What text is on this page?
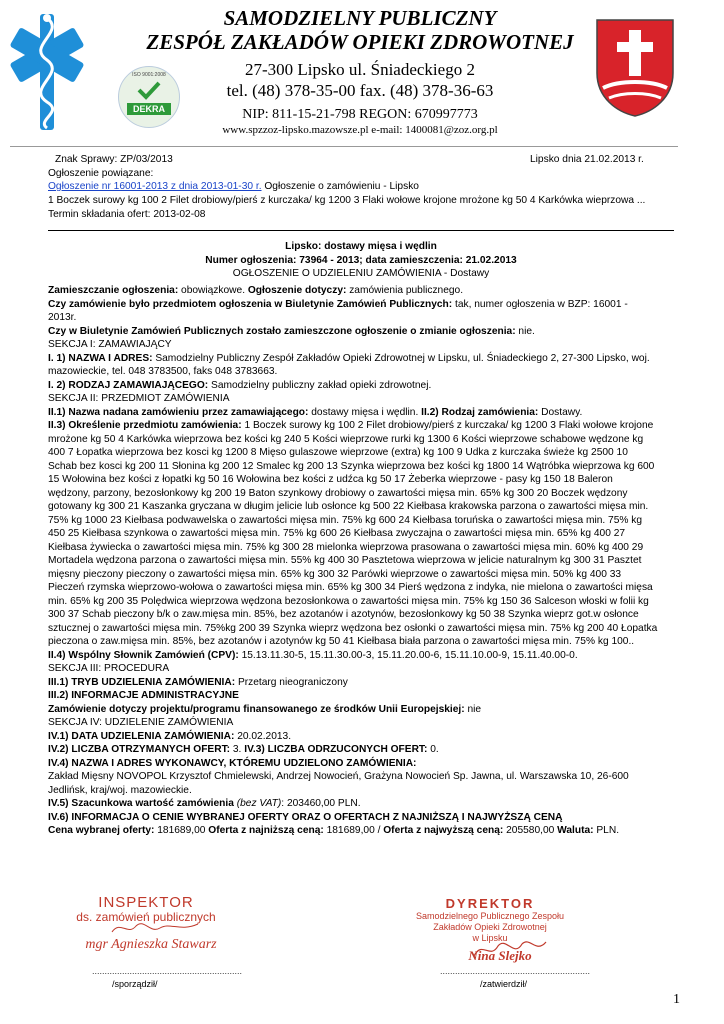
ISO 9001:2008
DEKRA
SAMODZIELNY PUBLICZNY
ZESPÓŁ ZAKŁADÓW OPIEKI ZDROWOTNEJ
27-300 Lipsko ul. Śniadeckiego 2
tel. (48) 378-35-00 fax. (48) 378-36-63
NIP: 811-15-21-798 REGON: 670997773
www.spzzoz-lipsko.mazowsze.pl e-mail: 1400081@zoz.org.pl
Znak Sprawy: ZP/03/2013	Lipsko dnia 21.02.2013 r.
Ogłoszenie powiązane:
Ogłoszenie nr 16001-2013 z dnia 2013-01-30 r. Ogłoszenie o zamówieniu - Lipsko
1 Boczek surowy kg 100 2 Filet drobiowy/pierś z kurczaka/ kg 1200 3 Flaki wołowe krojone mrożone kg 50 4 Karkówka wieprzowa ...
Termin składania ofert: 2013-02-08
Lipsko: dostawy mięsa i wędlin
Numer ogłoszenia: 73964 - 2013; data zamieszczenia: 21.02.2013
OGŁOSZENIE O UDZIELENIU ZAMÓWIENIA - Dostawy
Zamieszczanie ogłoszenia: obowiązkowe. Ogłoszenie dotyczy: zamówienia publicznego.
Czy zamówienie było przedmiotem ogłoszenia w Biuletynie Zamówień Publicznych: tak, numer ogłoszenia w BZP: 16001 -
2013r.
Czy w Biuletynie Zamówień Publicznych zostało zamieszczone ogłoszenie o zmianie ogłoszenia: nie.
SEKCJA I: ZAMAWIAJĄCY
I. 1) NAZWA I ADRES: Samodzielny Publiczny Zespół Zakładów Opieki Zdrowotnej w Lipsku, ul. Śniadeckiego 2, 27-300 Lipsko, woj.
mazowieckie, tel. 048 3783500, faks 048 3783663.
I. 2) RODZAJ ZAMAWIAJĄCEGO: Samodzielny publiczny zakład opieki zdrowotnej.
SEKCJA II: PRZEDMIOT ZAMÓWIENIA
II.1) Nazwa nadana zamówieniu przez zamawiającego: dostawy mięsa i wędlin. II.2) Rodzaj zamówienia: Dostawy.
II.3) Określenie przedmiotu zamówienia: 1 Boczek surowy kg 100 2 Filet drobiowy/pierś z kurczaka/ kg 1200 3 Flaki wołowe krojone
mrożone kg 50 4 Karkówka wieprzowa bez kości kg 240 5 Kości wieprzowe rurki kg 1300 6 Kości wieprzowe schabowe wędzone kg
400 7 Łopatka wieprzowa bez kosci kg 1200 8 Mięso gulaszowe wieprzowe (extra) kg 100 9 Udka z kurczaka świeże kg 2500 10
Schab bez kosci kg 200 11 Słonina kg 200 12 Smalec kg 200 13 Szynka wieprzowa bez kości kg 1800 14 Wątróbka wieprzowa kg 600
15 Wołowina bez kości z łopatki kg 50 16 Wołowina bez kości z udźca kg 50 17 Żeberka wieprzowe - pasy kg 150 18 Baleron
wędzony, parzony, bezosłonkowy kg 200 19 Baton szynkowy drobiowy o zawartości mięsa min. 65% kg 300 20 Boczek wędzony
gotowany kg 300 21 Kaszanka gryczana w długim jelicie lub osłonce kg 500 22 Kiełbasa krakowska parzona o zawartości mięsa min.
75% kg 1000 23 Kiełbasa podwawelska o zawartości mięsa min. 75% kg 600 24 Kiełbasa toruńska o zawartości mięsa min. 75% kg
450 25 Kiełbasa szynkowa o zawartości mięsa min. 75% kg 600 26 Kiełbasa zwyczajna o zawartości mięsa min. 65% kg 400 27
Kiełbasa żywiecka o zawartości mięsa min. 75% kg 300 28 mielonka wieprzowa prasowana o zawartości mięsa min. 60% kg 400 29
Mortadela wędzona parzona o zawartości mięsa min. 55% kg 400 30 Pasztetowa wieprzowa w jelicie naturalnym kg 300 31 Pasztet
mięsny pieczony pieczony o zawartości mięsa min. 65% kg 300 32 Parówki wieprzowe o zawartości mięsa min. 50% kg 400 33
Pieczeń rzymska wieprzowo-wołowa o zawartości mięsa min. 65% kg 300 34 Pierś wędzona z indyka, nie mielona o zawartości mięsa
min. 65% kg 200 35 Polędwica wieprzowa wędzona bezosłonkowa o zawartości mięsa min. 75% kg 150 36 Salceson włoski w folii kg
300 37 Schab pieczony b/k o zaw.mięsa min. 85%, bez azotanów i azotynów, bezosłonkowy kg 50 38 Szynka wieprz got.w osłonce
sztucznej o zawartości mięsa min. 75%kg 200 39 Szynka wieprz wędzona bez osłonki o zawartości mięsa min. 75% kg 200 40 Łopatka
pieczona o zaw.mięsa min. 85%, bez azotanów i azotynów kg 50 41 Kiełbasa biała parzona o zawartości mięsa min. 75% kg 100..
II.4) Wspólny Słownik Zamówień (CPV): 15.13.11.30-5, 15.11.30.00-3, 15.11.20.00-6, 15.11.10.00-9, 15.11.40.00-0.
SEKCJA III: PROCEDURA
III.1) TRYB UDZIELENIA ZAMÓWIENIA: Przetarg nieograniczony
III.2) INFORMACJE ADMINISTRACYJNE
Zamówienie dotyczy projektu/programu finansowanego ze środków Unii Europejskiej: nie
SEKCJA IV: UDZIELENIE ZAMÓWIENIA
IV.1) DATA UDZIELENIA ZAMÓWIENIA: 20.02.2013.
IV.2) LICZBA OTRZYMANYCH OFERT: 3. IV.3) LICZBA ODRZUCONYCH OFERT: 0.
IV.4) NAZWA I ADRES WYKONAWCY, KTÓREMU UDZIELONO ZAMÓWIENIA:
Zakład Mięsny NOVOPOL Krzysztof Chmielewski, Andrzej Nowocień, Grażyna Nowocień Sp. Jawna, ul. Warszawska 10, 26-600
Jedlińsk, kraj/woj. mazowieckie.
IV.5) Szacunkowa wartość zamówienia (bez VAT): 203460,00 PLN.
IV.6) INFORMACJA O CENIE WYBRANEJ OFERTY ORAZ O OFERTACH Z NAJNIŻSZĄ I NAJWYŻSZĄ CENĄ
Cena wybranej oferty: 181689,00 Oferta z najniższą ceną: 181689,00 / Oferta z najwyższą ceną: 205580,00 Waluta: PLN.
INSPEKTOR
ds. zamówień publicznych
mgr Agnieszka Stawarz
DYREKTOR
Samodzielnego Publicznego Zespołu
Zakładów Opieki Zdrowotnej
w Lipsku
Nina Slejko
............................................................
/sporządził/
............................................................
/zatwierdził/
1
